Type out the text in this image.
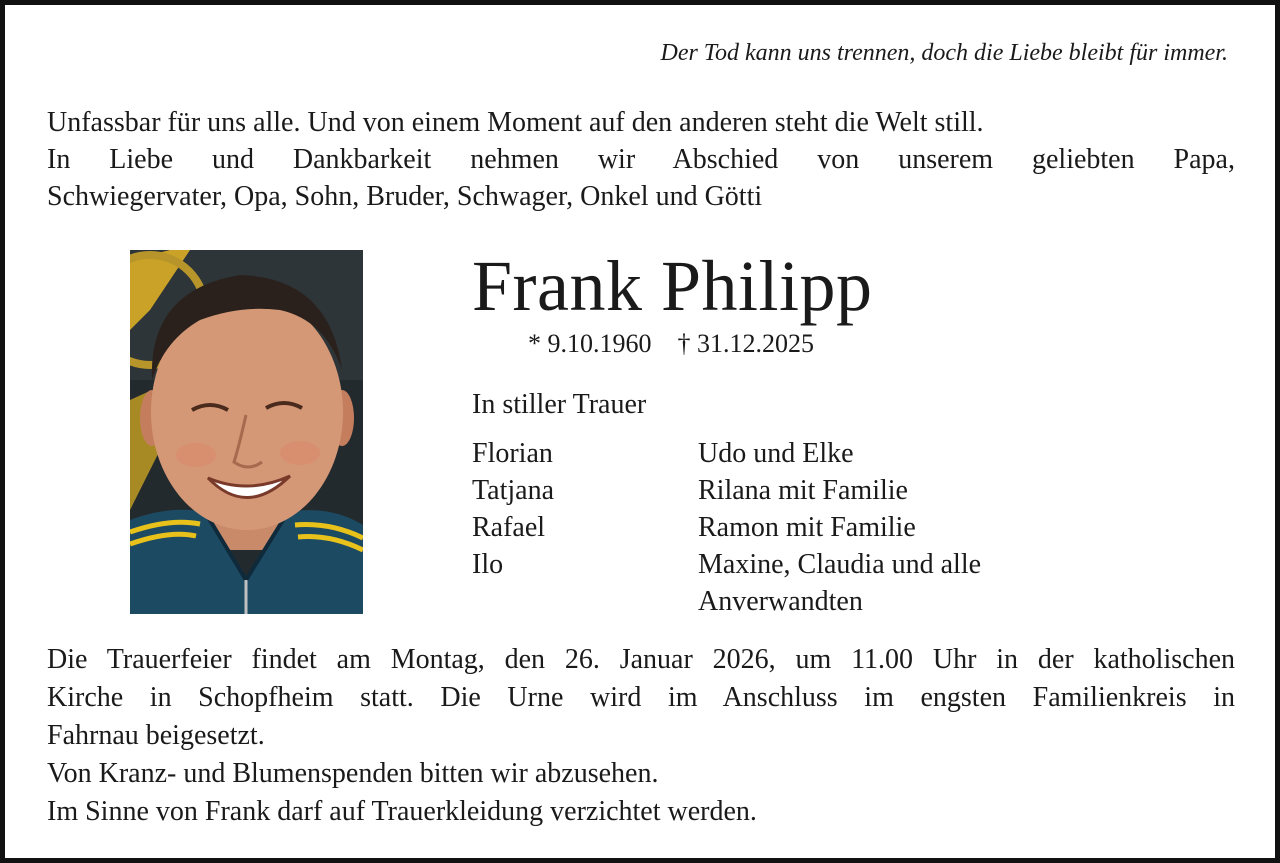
Der Tod kann uns trennen, doch die Liebe bleibt für immer.
Unfassbar für uns alle. Und von einem Moment auf den anderen steht die Welt still.
In Liebe und Dankbarkeit nehmen wir Abschied von unserem geliebten Papa,
Schwiegervater, Opa, Sohn, Bruder, Schwager, Onkel und Götti
Frank Philipp
* 9.10.1960 † 31.12.2025
In stiller Trauer
Florian
Tatjana
Rafael
Ilo
Udo und Elke
Rilana mit Familie
Ramon mit Familie
Maxine, Claudia und alle
Anverwandten
Die Trauerfeier findet am Montag, den 26. Januar 2026, um 11.00 Uhr in der katholischen
Kirche in Schopfheim statt. Die Urne wird im Anschluss im engsten Familienkreis in
Fahrnau beigesetzt.
Von Kranz- und Blumenspenden bitten wir abzusehen.
Im Sinne von Frank darf auf Trauerkleidung verzichtet werden.
